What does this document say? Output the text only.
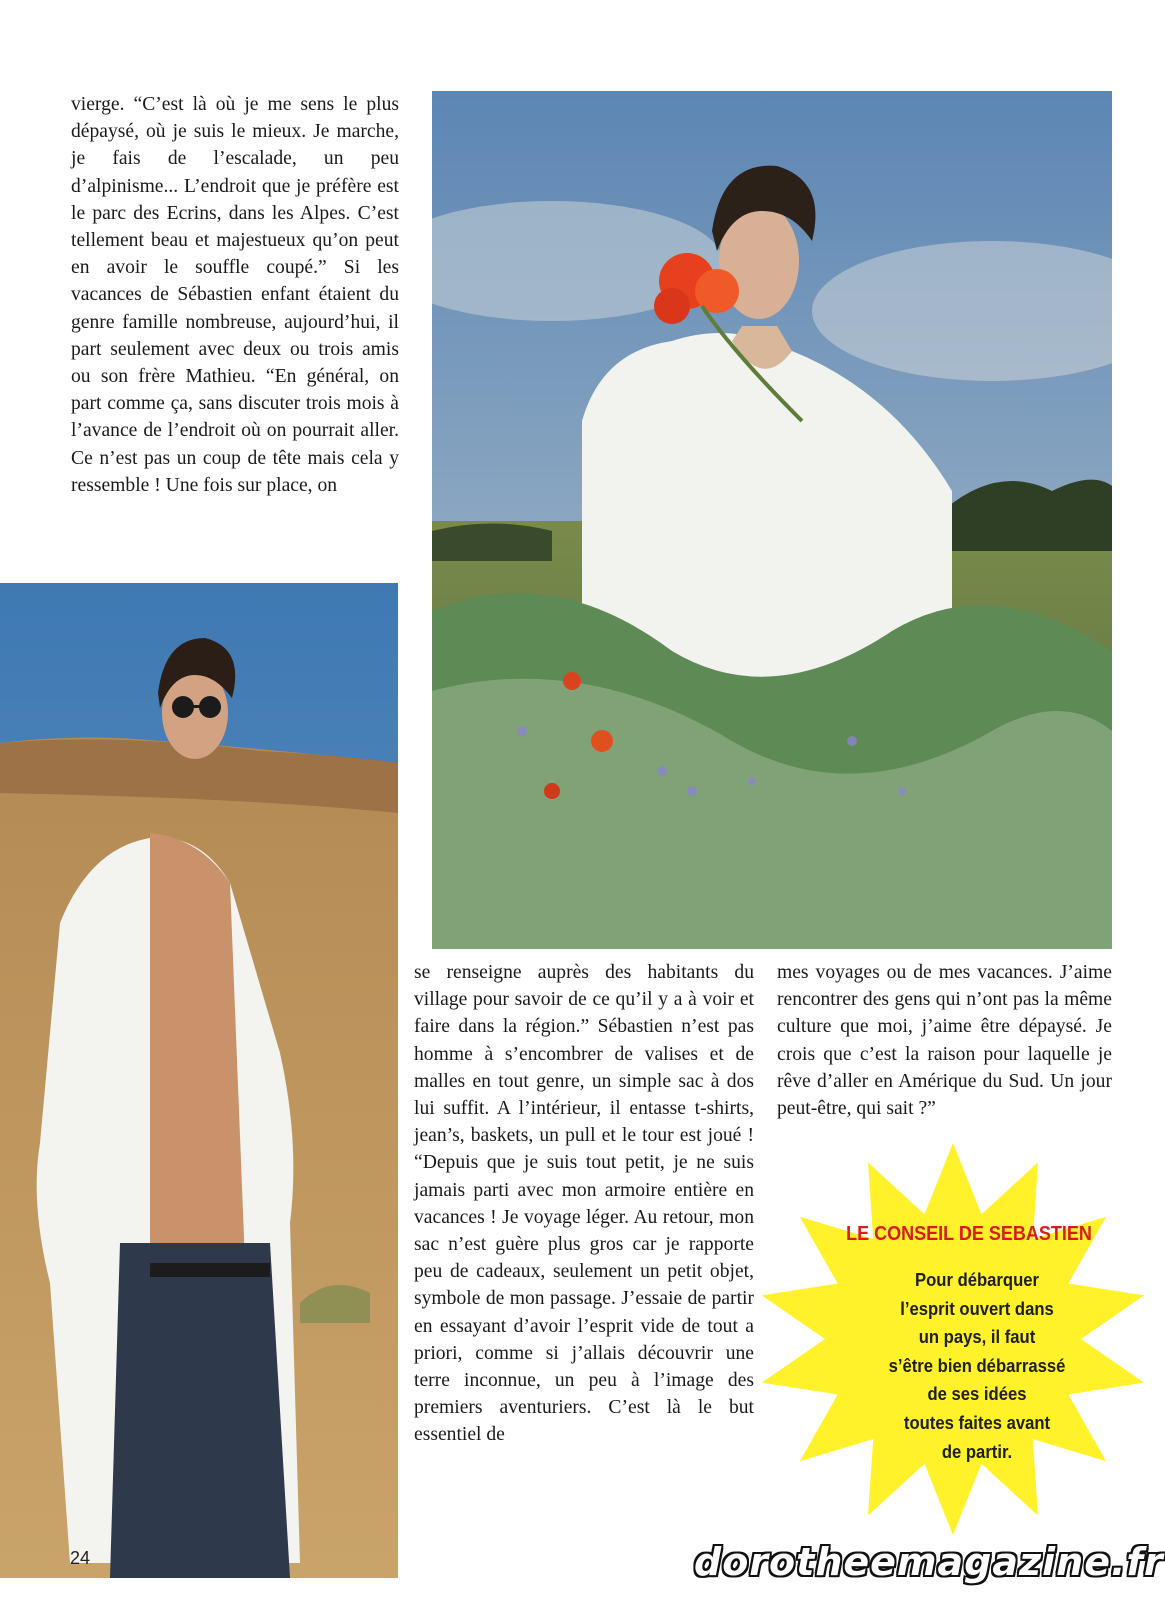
vierge. “C’est là où je me sens le plus dépaysé, où je suis le mieux. Je marche, je fais de l’escalade, un peu d’alpinisme... L’endroit que je préfère est le parc des Ecrins, dans les Alpes. C’est tellement beau et majestueux qu’on peut en avoir le souffle coupé.” Si les vacances de Sébastien enfant étaient du genre famille nombreuse, aujourd’hui, il part seulement avec deux ou trois amis ou son frère Mathieu. “En général, on part comme ça, sans discuter trois mois à l’avance de l’endroit où on pourrait aller. Ce n’est pas un coup de tête mais cela y ressemble ! Une fois sur place, on

se renseigne auprès des habitants du village pour savoir de ce qu’il y a à voir et faire dans la région.” Sébastien n’est pas homme à s’encombrer de valises et de malles en tout genre, un simple sac à dos lui suffit. A l’intérieur, il entasse t-shirts, jean’s, baskets, un pull et le tour est joué ! “Depuis que je suis tout petit, je ne suis jamais parti avec mon armoire entière en vacances ! Je voyage léger. Au retour, mon sac n’est guère plus gros car je rapporte peu de cadeaux, seulement un petit objet, symbole de mon passage. J’essaie de partir en essayant d’avoir l’esprit vide de tout a priori, comme si j’allais découvrir une terre inconnue, un peu à l’image des premiers aventuriers. C’est là le but essentiel de

mes voyages ou de mes vacances. J’aime rencontrer des gens qui n’ont pas la même culture que moi, j’aime être dépaysé. Je crois que c’est la raison pour laquelle je rêve d’aller en Amérique du Sud. Un jour peut-être, qui sait ?”

LE CONSEIL DE SEBASTIEN
Pour débarquer
l’esprit ouvert dans
un pays, il faut
s’être bien débarrassé
de ses idées
toutes faites avant
de partir.
24	dorotheemagazine.fr
